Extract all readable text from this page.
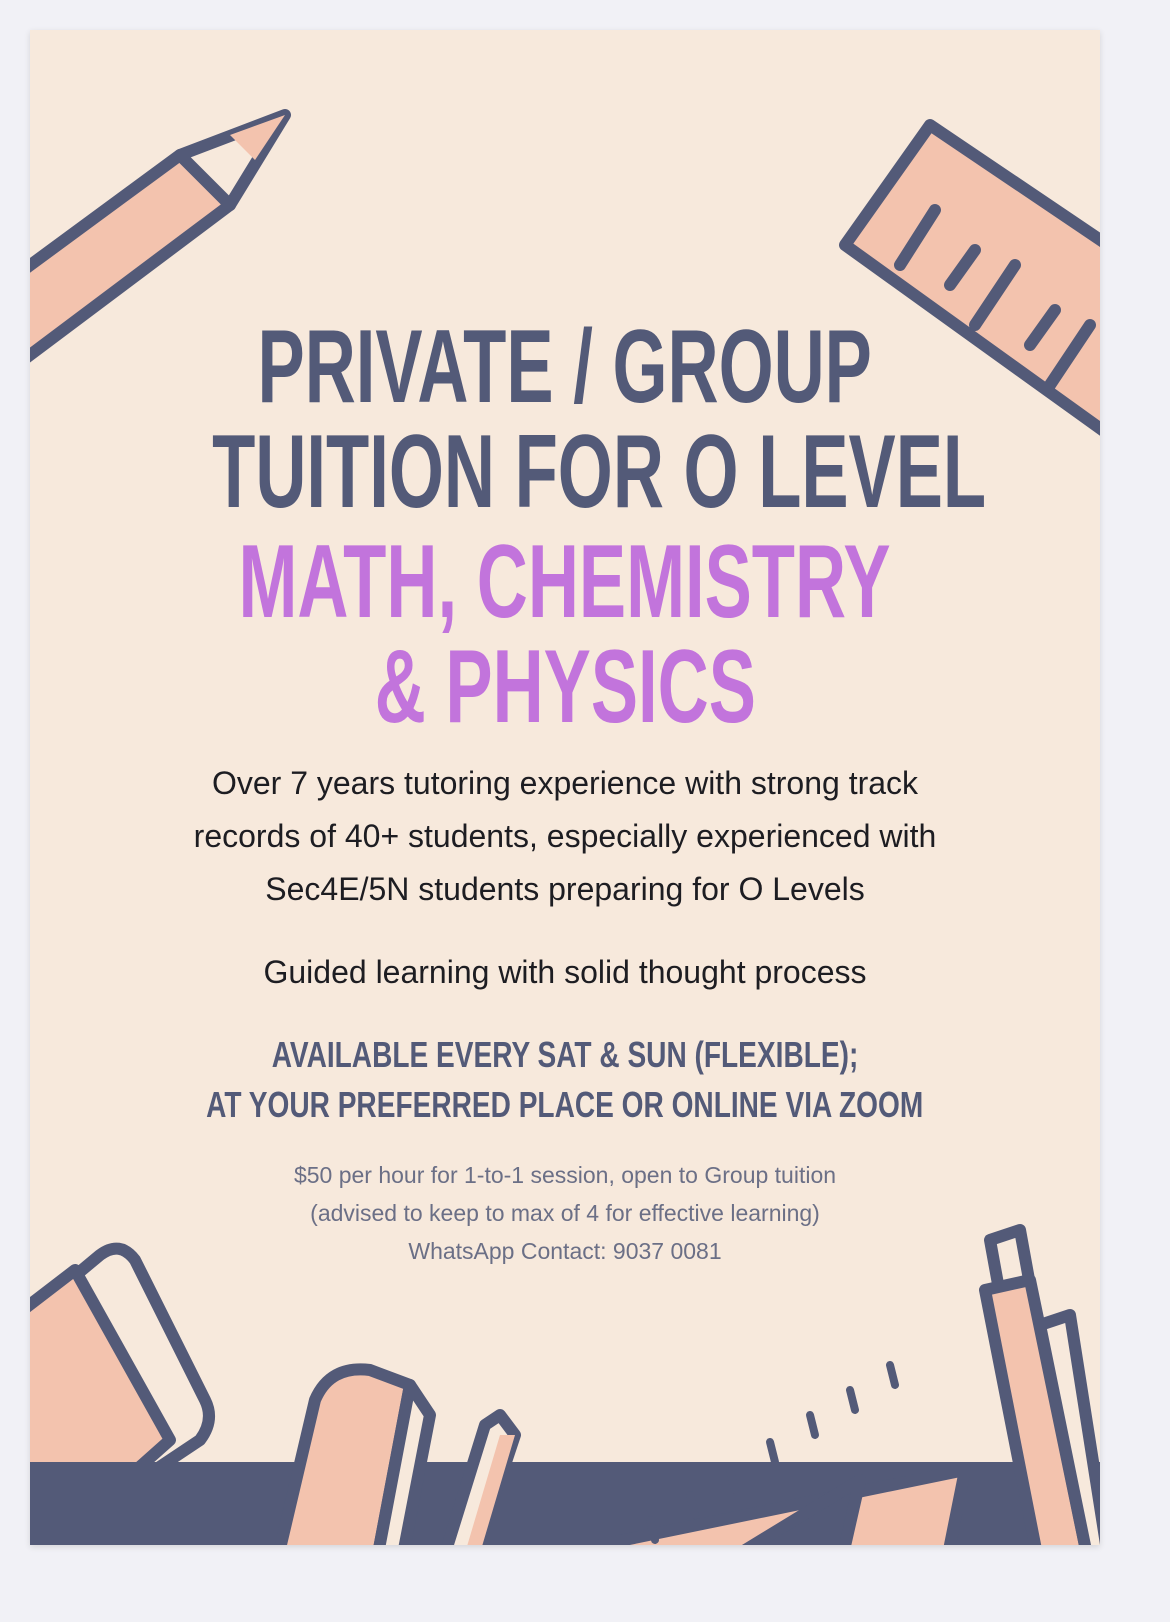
PRIVATE / GROUP
TUITION FOR O LEVEL
MATH, CHEMISTRY
& PHYSICS
Over 7 years tutoring experience with strong track
records of 40+ students, especially experienced with
Sec4E/5N students preparing for O Levels
Guided learning with solid thought process
AVAILABLE EVERY SAT & SUN (FLEXIBLE);
AT YOUR PREFERRED PLACE OR ONLINE VIA ZOOM
$50 per hour for 1-to-1 session, open to Group tuition
(advised to keep to max of 4 for effective learning)
WhatsApp Contact: 9037 0081
